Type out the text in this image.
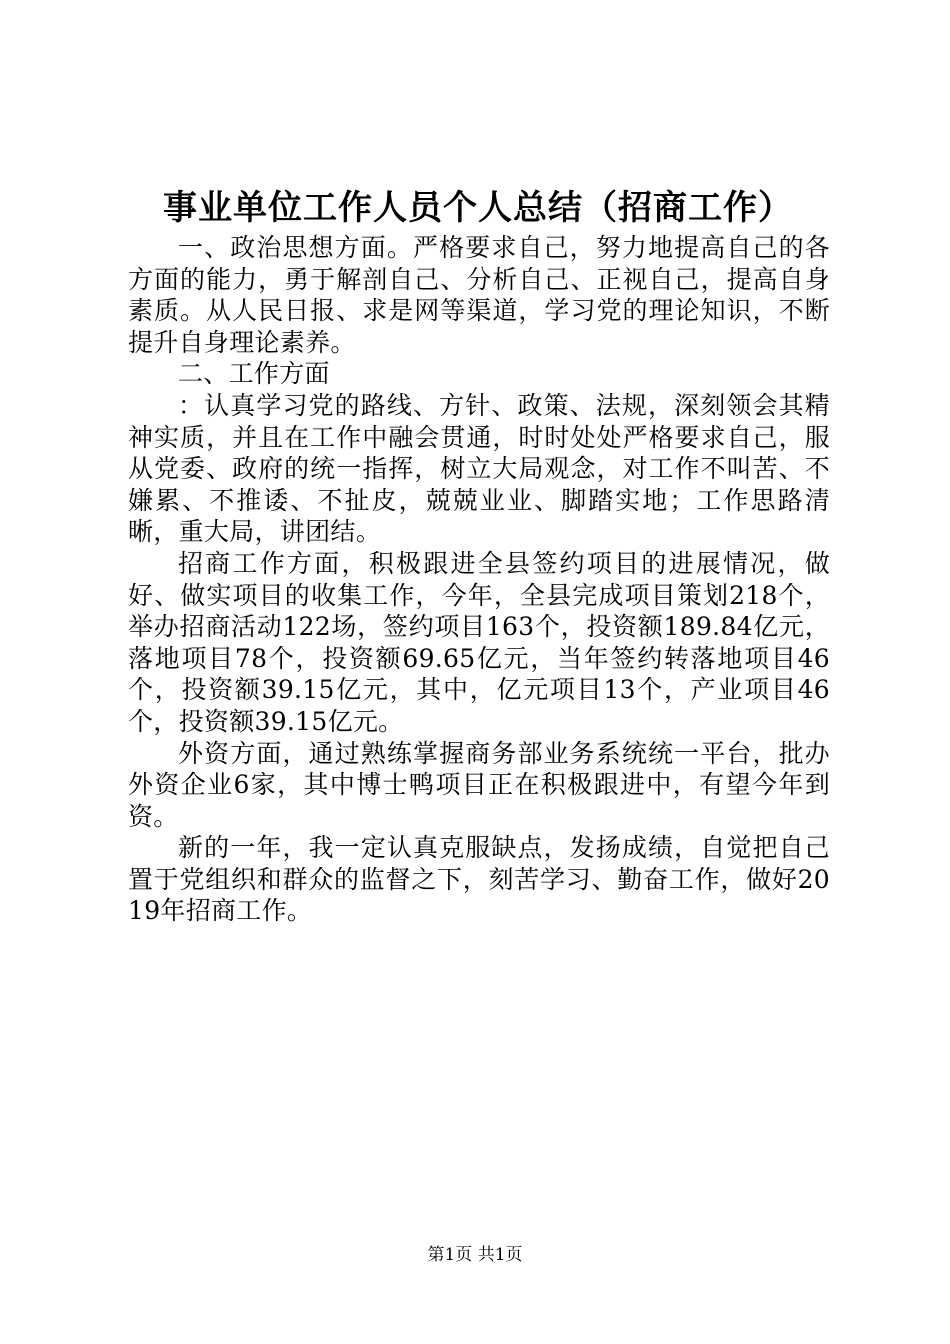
事业单位工作人员个人总结（招商工作）

一、政治思想方面。严格要求自己，努力地提高自己的各方面的能力，勇于解剖自己、分析自己、正视自己，提高自身素质。从人民日报、求是网等渠道，学习党的理论知识，不断提升自身理论素养。

二、工作方面

：认真学习党的路线、方针、政策、法规，深刻领会其精神实质，并且在工作中融会贯通，时时处处严格要求自己，服从党委、政府的统一指挥，树立大局观念，对工作不叫苦、不嫌累、不推诿、不扯皮，兢兢业业、脚踏实地；工作思路清晰，重大局，讲团结。

招商工作方面，积极跟进全县签约项目的进展情况，做好、做实项目的收集工作，今年，全县完成项目策划218个，举办招商活动122场，签约项目163个，投资额189.84亿元，落地项目78个，投资额69.65亿元，当年签约转落地项目46个，投资额39.15亿元，其中，亿元项目13个，产业项目46个，投资额39.15亿元。

外资方面，通过熟练掌握商务部业务系统统一平台，批办外资企业6家，其中博士鸭项目正在积极跟进中，有望今年到资。

新的一年，我一定认真克服缺点，发扬成绩，自觉把自己置于党组织和群众的监督之下，刻苦学习、勤奋工作，做好2019年招商工作。

第1页 共1页
